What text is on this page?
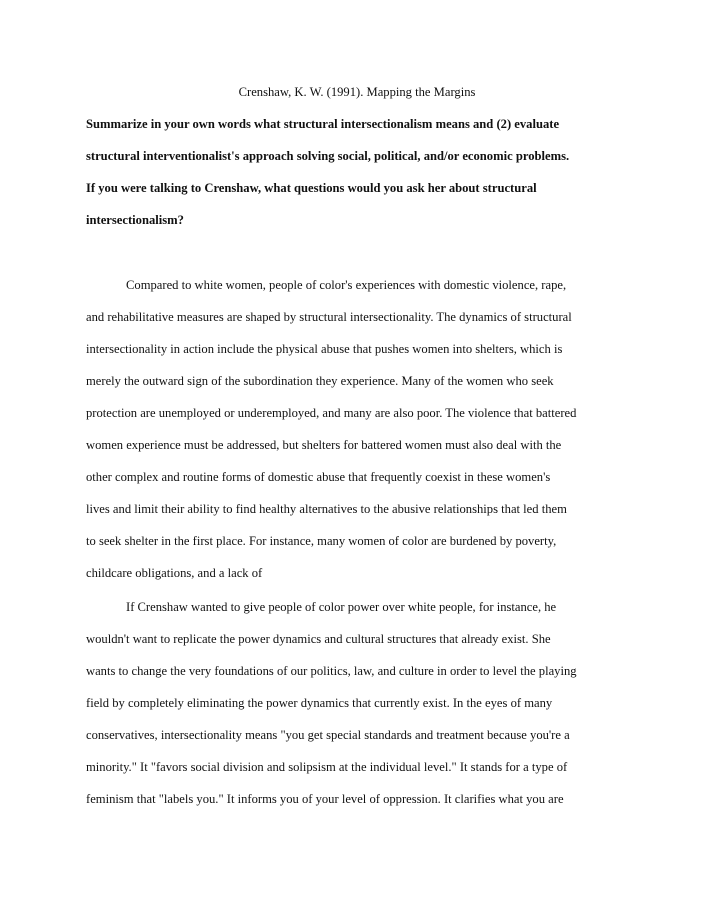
Crenshaw, K. W. (1991). Mapping the Margins
Summarize in your own words what structural intersectionalism means and (2) evaluate
structural interventionalist's approach solving social, political, and/or economic problems.
If you were talking to Crenshaw, what questions would you ask her about structural
intersectionalism?
Compared to white women, people of color's experiences with domestic violence, rape,
and rehabilitative measures are shaped by structural intersectionality. The dynamics of structural
intersectionality in action include the physical abuse that pushes women into shelters, which is
merely the outward sign of the subordination they experience. Many of the women who seek
protection are unemployed or underemployed, and many are also poor. The violence that battered
women experience must be addressed, but shelters for battered women must also deal with the
other complex and routine forms of domestic abuse that frequently coexist in these women's
lives and limit their ability to find healthy alternatives to the abusive relationships that led them
to seek shelter in the first place. For instance, many women of color are burdened by poverty,
childcare obligations, and a lack of
If Crenshaw wanted to give people of color power over white people, for instance, he
wouldn't want to replicate the power dynamics and cultural structures that already exist. She
wants to change the very foundations of our politics, law, and culture in order to level the playing
field by completely eliminating the power dynamics that currently exist. In the eyes of many
conservatives, intersectionality means "you get special standards and treatment because you're a
minority." It "favors social division and solipsism at the individual level." It stands for a type of
feminism that "labels you." It informs you of your level of oppression. It clarifies what you are
